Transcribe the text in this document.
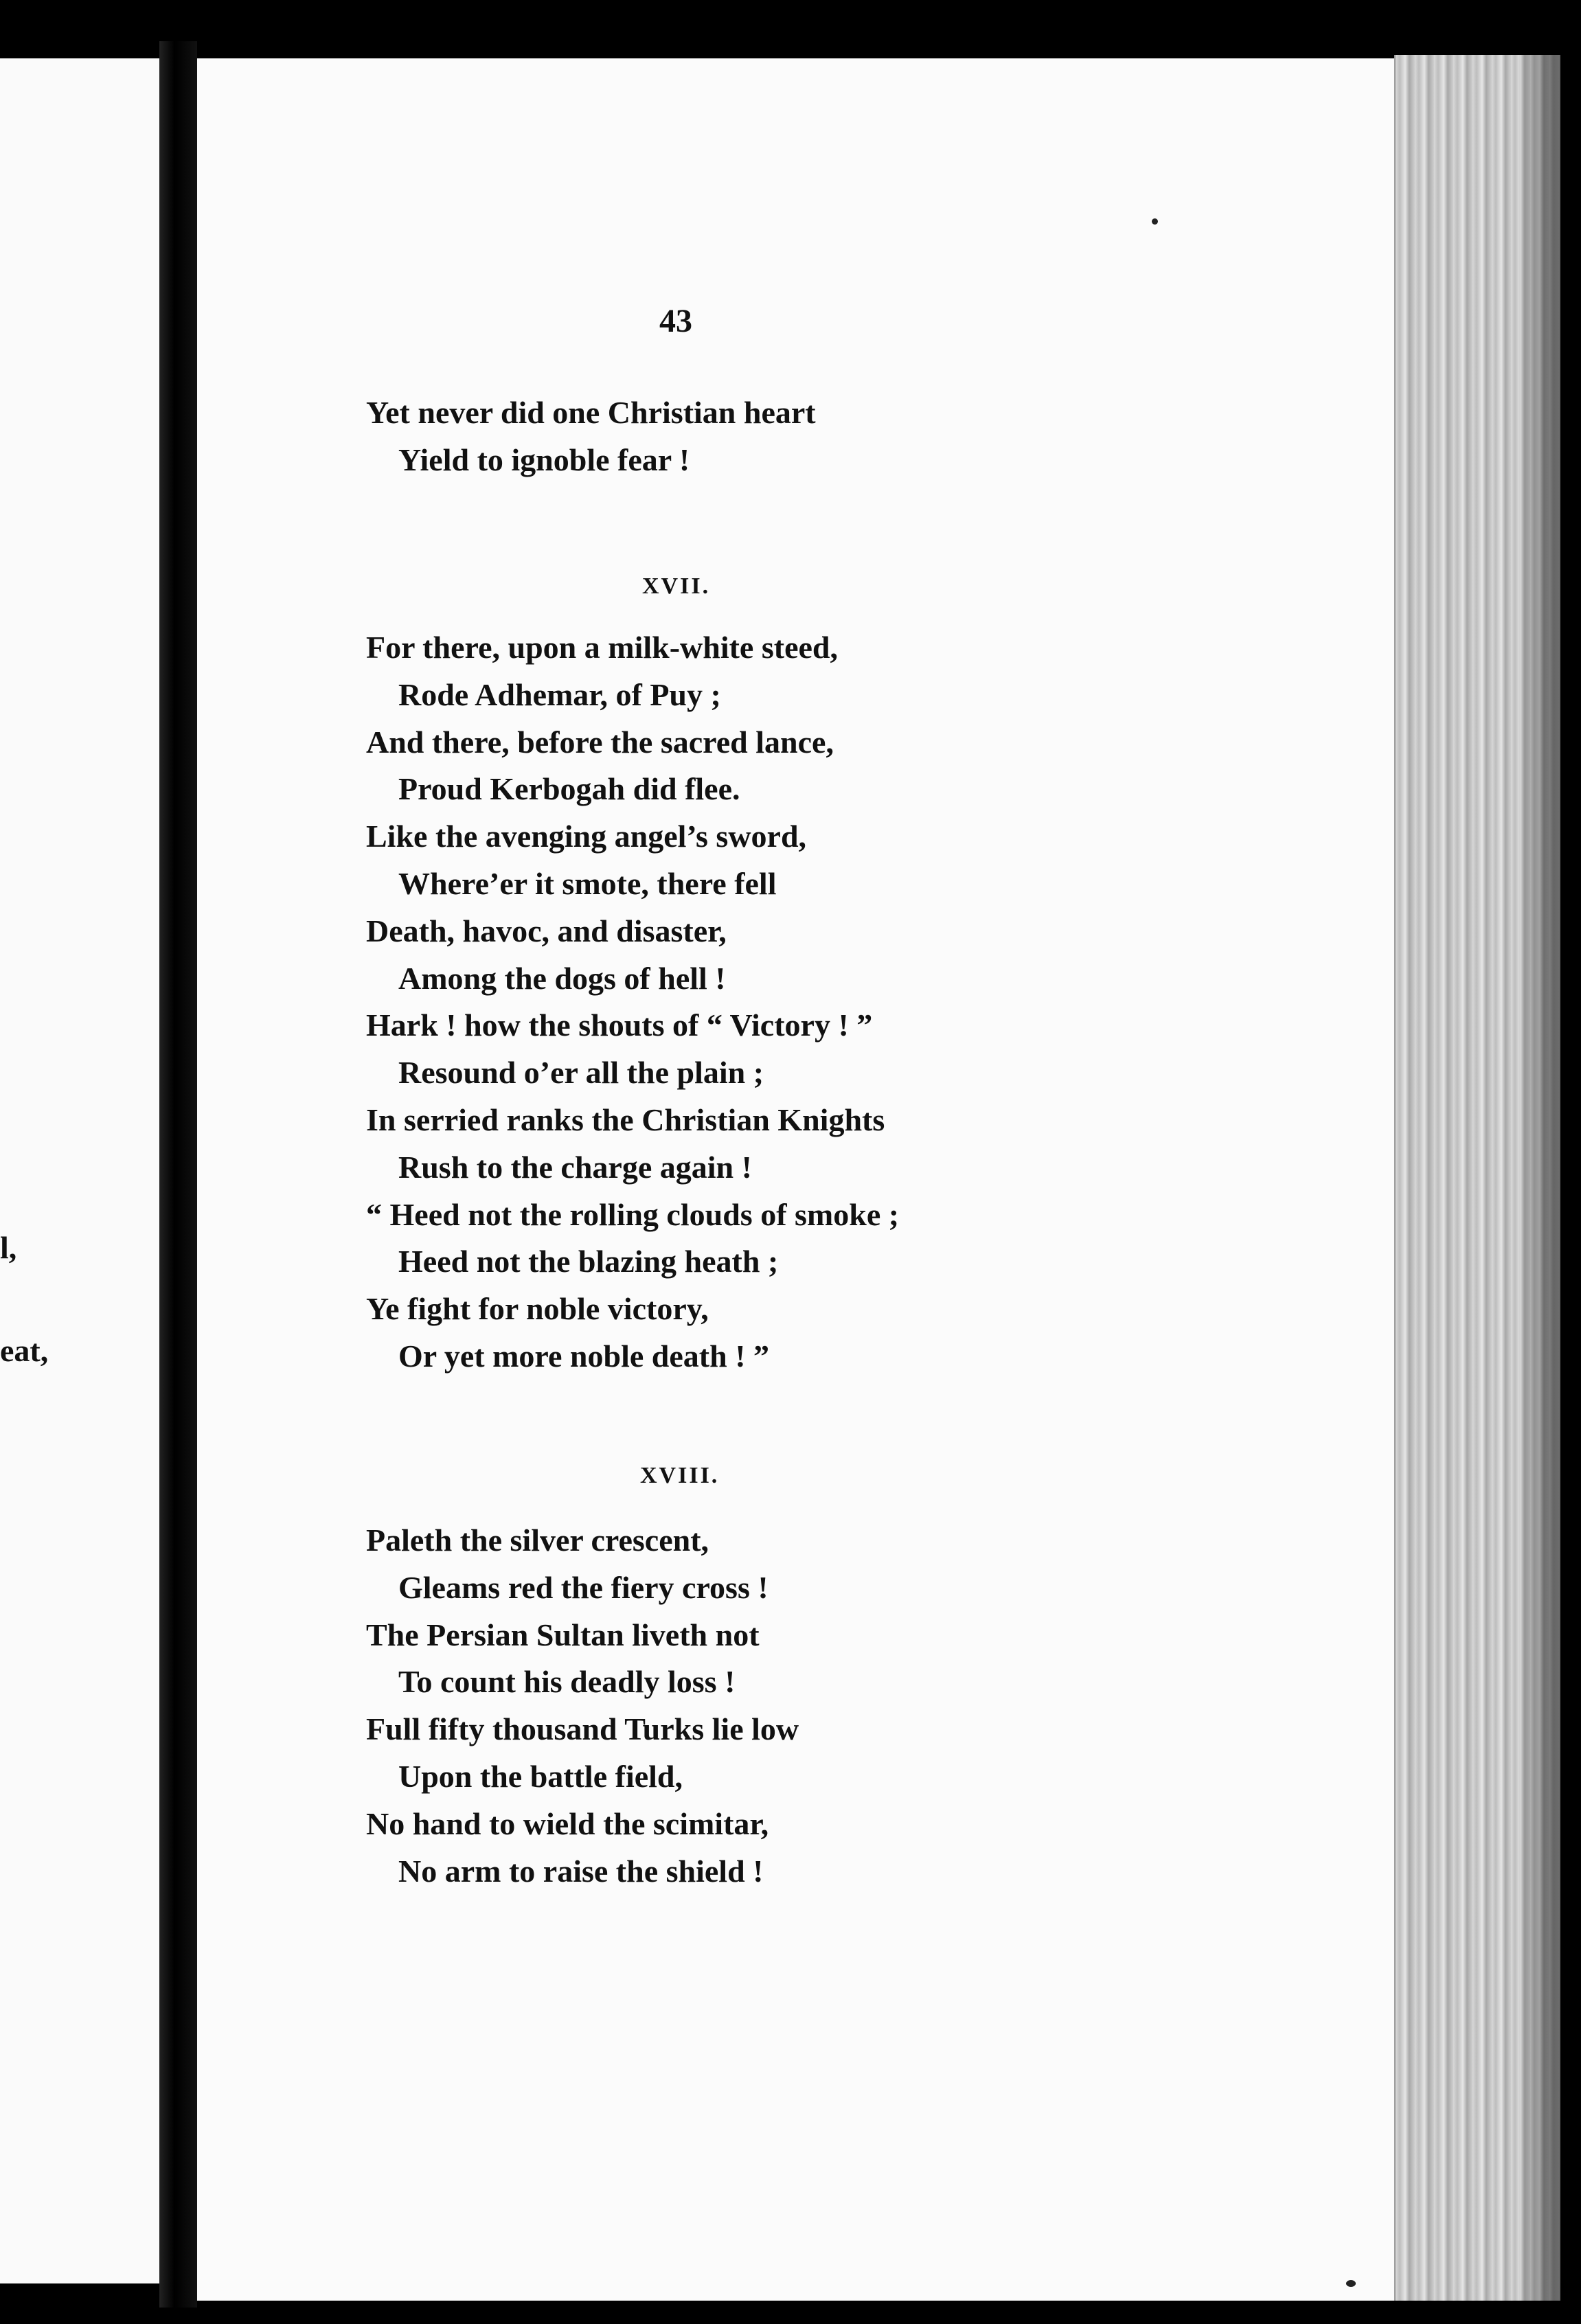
l,
eat,
43
Yet never did one Christian heart
Yield to ignoble fear !
XVII.
For there, upon a milk-white steed,
Rode Adhemar, of Puy ;
And there, before the sacred lance,
Proud Kerbogah did flee.
Like the avenging angel’s sword,
Where’er it smote, there fell
Death, havoc, and disaster,
Among the dogs of hell !
Hark ! how the shouts of “ Victory ! ”
Resound o’er all the plain ;
In serried ranks the Christian Knights
Rush to the charge again !
“ Heed not the rolling clouds of smoke ;
Heed not the blazing heath ;
Ye fight for noble victory,
Or yet more noble death ! ”
XVIII.
Paleth the silver crescent,
Gleams red the fiery cross !
The Persian Sultan liveth not
To count his deadly loss !
Full fifty thousand Turks lie low
Upon the battle field,
No hand to wield the scimitar,
No arm to raise the shield !
